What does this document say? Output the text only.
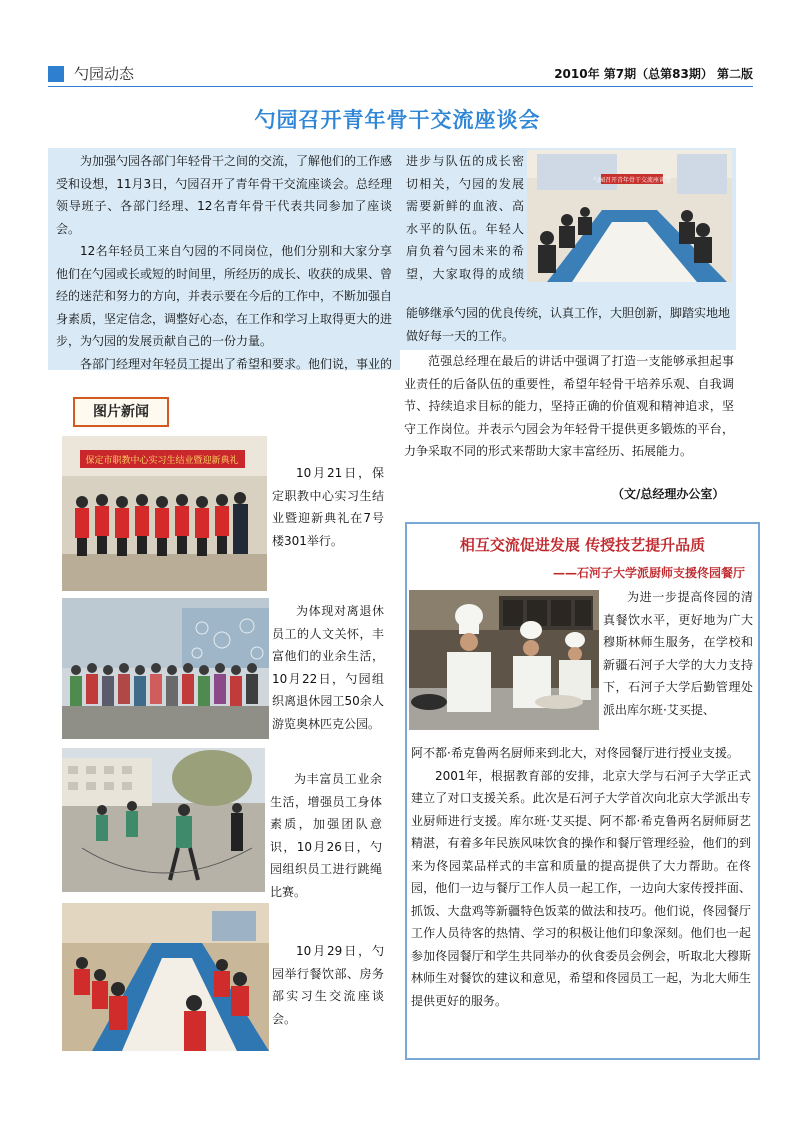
勺园动态	2010年 第7期（总第83期） 第二版
勺园召开青年骨干交流座谈会

为加强勺园各部门年轻骨干之间的交流，了解他们的工作感受和设想，11月3日，勺园召开了青年骨干交流座谈会。总经理领导班子、各部门经理、12名青年骨干代表共同参加了座谈会。

12名年轻员工来自勺园的不同岗位，他们分别和大家分享他们在勺园或长或短的时间里，所经历的成长、收获的成果、曾经的迷茫和努力的方向，并表示要在今后的工作中，不断加强自身素质，坚定信念，调整好心态，在工作和学习上取得更大的进步，为勺园的发展贡献自己的一份力量。

各部门经理对年轻员工提出了希望和要求。他们说，事业的

进步与队伍的成长密切相关，勺园的发展需要新鲜的血液、高水平的队伍。年轻人肩负着勺园未来的希望，大家取得的成绩

勺园召开青年骨干交流座谈会

能够继承勺园的优良传统，认真工作，大胆创新，脚踏实地地做好每一天的工作。

范强总经理在最后的讲话中强调了打造一支能够承担起事业责任的后备队伍的重要性，希望年轻骨干培养乐观、自我调节、持续追求目标的能力，坚持正确的价值观和精神追求，坚守工作岗位。并表示勺园会为年轻骨干提供更多锻炼的平台，力争采取不同的形式来帮助大家丰富经历、拓展能力。

（文/总经理办公室）
图片新闻
保定市职教中心实习生结业暨迎新典礼
10月21日，保定职教中心实习生结业暨迎新典礼在7号楼301举行。
为体现对离退休员工的人文关怀，丰富他们的业余生活，10月22日，勺园组织离退休园工50余人游览奥林匹克公园。
为丰富员工业余生活，增强员工身体素质，加强团队意识，10月26日，勺园组织员工进行跳绳比赛。
10月29日，勺园举行餐饮部、房务部实习生交流座谈会。
相互交流促进发展 传授技艺提升品质
——石河子大学派厨师支援佟园餐厅

为进一步提高佟园的清真餐饮水平，更好地为广大穆斯林师生服务，在学校和新疆石河子大学的大力支持下，石河子大学后勤管理处派出库尔班·艾买提、

阿不都·希克鲁两名厨师来到北大，对佟园餐厅进行授业支援。

2001年，根据教育部的安排，北京大学与石河子大学正式建立了对口支援关系。此次是石河子大学首次向北京大学派出专业厨师进行支援。库尔班·艾买提、阿不都·希克鲁两名厨师厨艺精湛，有着多年民族风味饮食的操作和餐厅管理经验，他们的到来为佟园菜品样式的丰富和质量的提高提供了大力帮助。在佟园，他们一边与餐厅工作人员一起工作，一边向大家传授拌面、抓饭、大盘鸡等新疆特色饭菜的做法和技巧。他们说，佟园餐厅工作人员待客的热情、学习的积极让他们印象深刻。他们也一起参加佟园餐厅和学生共同举办的伙食委员会例会，听取北大穆斯林师生对餐饮的建议和意见，希望和佟园员工一起，为北大师生提供更好的服务。
